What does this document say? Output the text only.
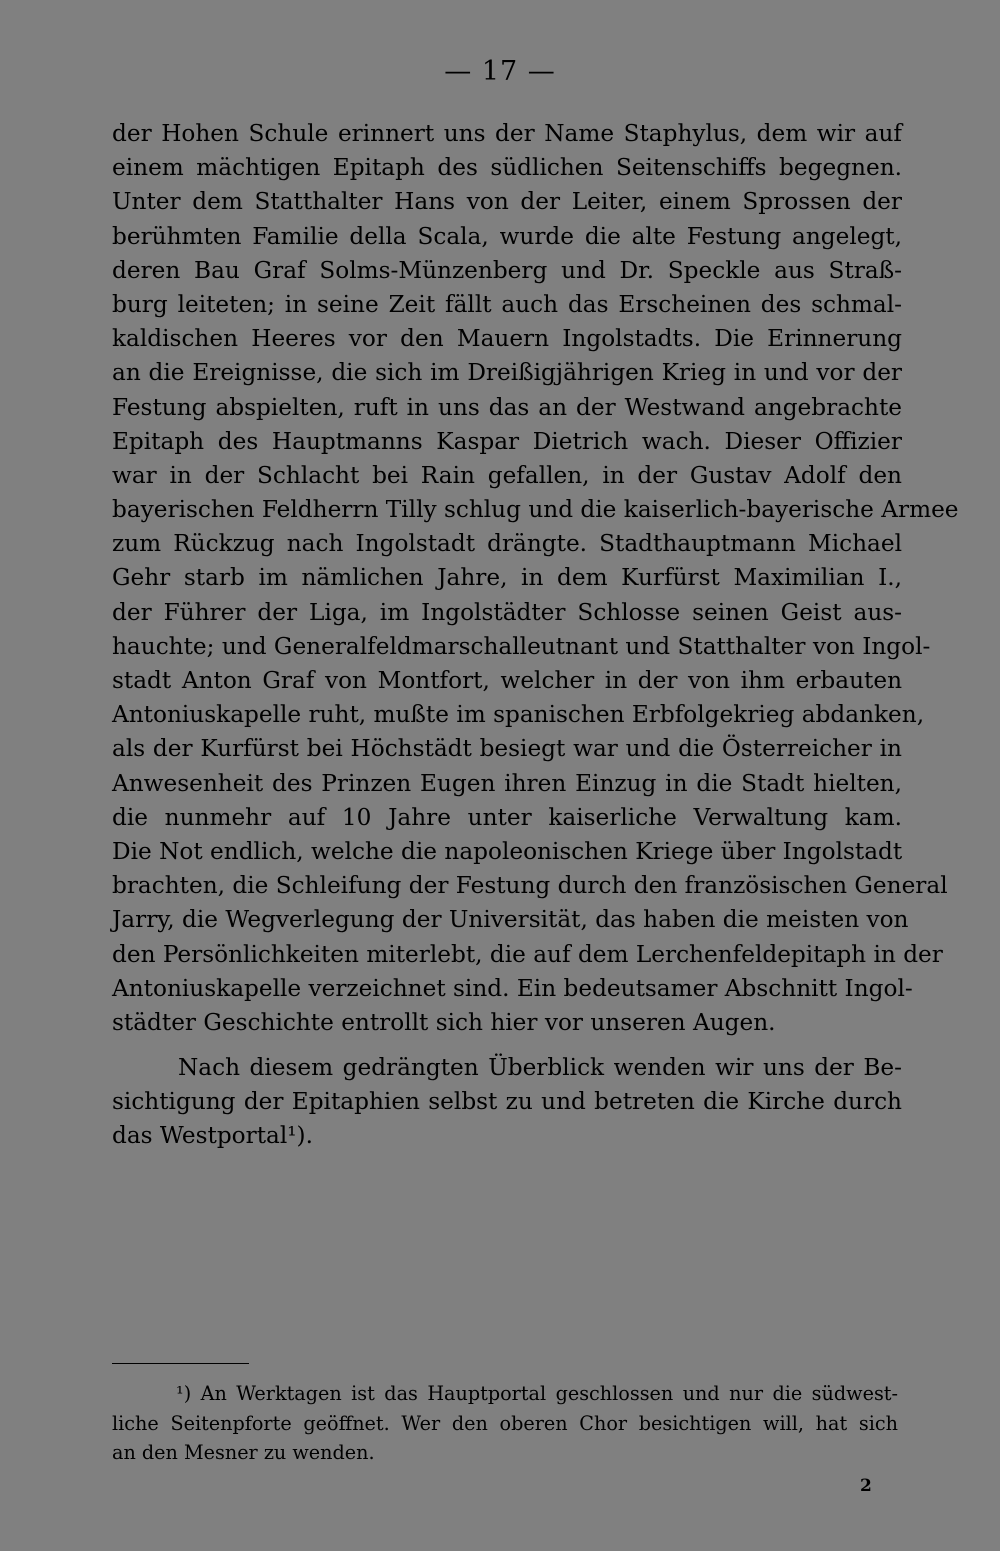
— 17 —
der Hohen Schule erinnert uns der Name Staphylus, dem wir auf
einem mächtigen Epitaph des südlichen Seitenschiffs begegnen.
Unter dem Statthalter Hans von der Leiter, einem Sprossen der
berühmten Familie della Scala, wurde die alte Festung angelegt,
deren Bau Graf Solms-Münzenberg und Dr. Speckle aus Straß-
burg leiteten; in seine Zeit fällt auch das Erscheinen des schmal-
kaldischen Heeres vor den Mauern Ingolstadts. Die Erinnerung
an die Ereignisse, die sich im Dreißigjährigen Krieg in und vor der
Festung abspielten, ruft in uns das an der Westwand angebrachte
Epitaph des Hauptmanns Kaspar Dietrich wach. Dieser Offizier
war in der Schlacht bei Rain gefallen, in der Gustav Adolf den
bayerischen Feldherrn Tilly schlug und die kaiserlich-bayerische Armee
zum Rückzug nach Ingolstadt drängte. Stadthauptmann Michael
Gehr starb im nämlichen Jahre, in dem Kurfürst Maximilian I.,
der Führer der Liga, im Ingolstädter Schlosse seinen Geist aus-
hauchte; und Generalfeldmarschalleutnant und Statthalter von Ingol-
stadt Anton Graf von Montfort, welcher in der von ihm erbauten
Antoniuskapelle ruht, mußte im spanischen Erbfolgekrieg abdanken,
als der Kurfürst bei Höchstädt besiegt war und die Österreicher in
Anwesenheit des Prinzen Eugen ihren Einzug in die Stadt hielten,
die nunmehr auf 10 Jahre unter kaiserliche Verwaltung kam.
Die Not endlich, welche die napoleonischen Kriege über Ingolstadt
brachten, die Schleifung der Festung durch den französischen General
Jarry, die Wegverlegung der Universität, das haben die meisten von
den Persönlichkeiten miterlebt, die auf dem Lerchenfeldepitaph in der
Antoniuskapelle verzeichnet sind. Ein bedeutsamer Abschnitt Ingol-
städter Geschichte entrollt sich hier vor unseren Augen.
Nach diesem gedrängten Überblick wenden wir uns der Be-
sichtigung der Epitaphien selbst zu und betreten die Kirche durch
das Westportal¹).
¹) An Werktagen ist das Hauptportal geschlossen und nur die südwest-
liche Seitenpforte geöffnet. Wer den oberen Chor besichtigen will, hat sich
an den Mesner zu wenden.
2
